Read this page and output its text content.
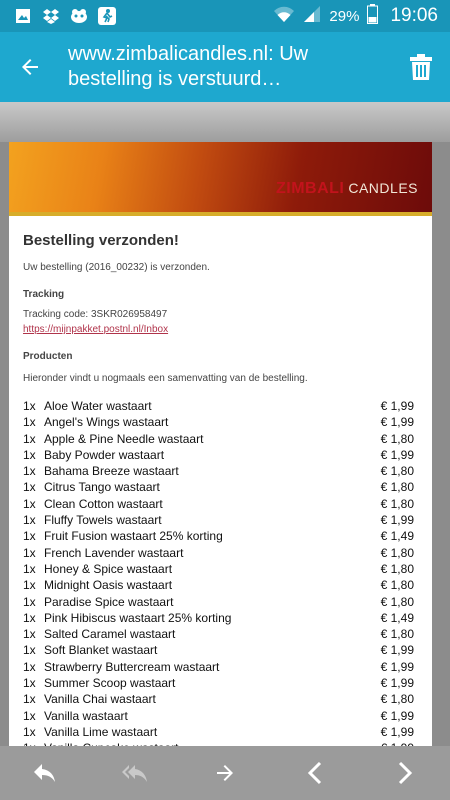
29% 19:06
www.zimbalicandles.nl: Uw bestelling is verstuurd…
ZIMBALI CANDLES
Bestelling verzonden!
Uw bestelling (2016_00232) is verzonden.
Tracking
Tracking code: 3SKR026958497
https://mijnpakket.postnl.nl/Inbox
Producten
Hieronder vindt u nogmaals een samenvatting van de bestelling.
1x Aloe Water wastaart	€ 1,99
1x Angel's Wings wastaart	€ 1,99
1x Apple & Pine Needle wastaart	€ 1,80
1x Baby Powder wastaart	€ 1,99
1x Bahama Breeze wastaart	€ 1,80
1x Citrus Tango wastaart	€ 1,80
1x Clean Cotton wastaart	€ 1,80
1x Fluffy Towels wastaart	€ 1,99
1x Fruit Fusion wastaart 25% korting	€ 1,49
1x French Lavender wastaart	€ 1,80
1x Honey & Spice wastaart	€ 1,80
1x Midnight Oasis wastaart	€ 1,80
1x Paradise Spice wastaart	€ 1,80
1x Pink Hibiscus wastaart 25% korting	€ 1,49
1x Salted Caramel wastaart	€ 1,80
1x Soft Blanket wastaart	€ 1,99
1x Strawberry Buttercream wastaart	€ 1,99
1x Summer Scoop wastaart	€ 1,99
1x Vanilla Chai wastaart	€ 1,80
1x Vanilla wastaart	€ 1,99
1x Vanilla Lime wastaart	€ 1,99
